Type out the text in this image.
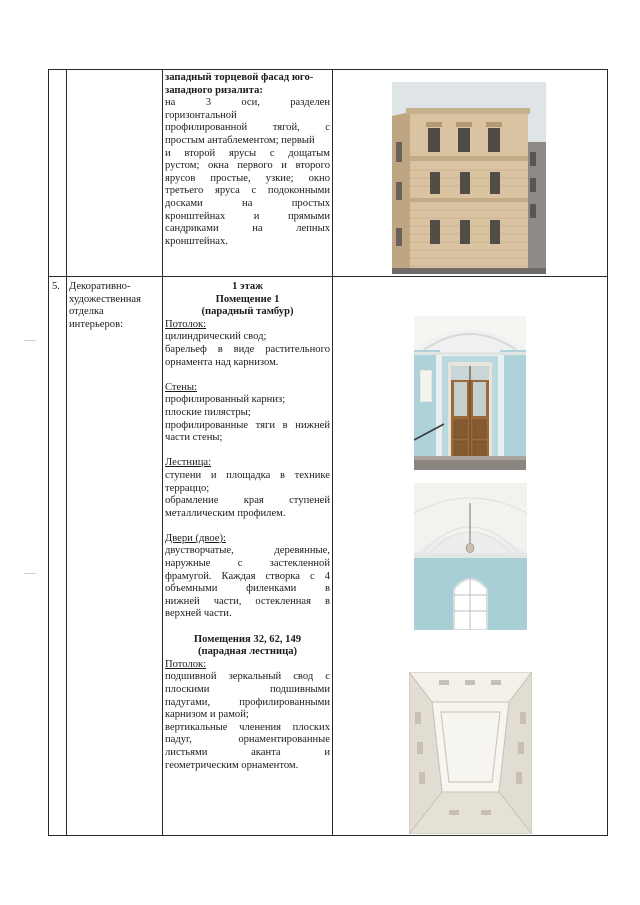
западный торцевой фасад юго-западного ризалита:
на 3 оси, разделен
горизонтальной
профилированной тягой, с
простым антаблементом; первый
и второй ярусы с дощатым
рустом; окна первого и второго
ярусов простые, узкие; окно
третьего яруса с подоконными
досками на простых
кронштейнах и прямыми
сандриками на лепных
кронштейнах.
5. Декоративно-
художественная
отделка
интерьеров:
1 этаж
Помещение 1
(парадный тамбур)
Потолок:
цилиндрический свод;
барельеф в виде растительного
орнамента над карнизом.
Стены:
профилированный карниз;
плоские пилястры;
профилированные тяги в нижней
части стены;
Лестница:
ступени и площадка в технике
терраццо;
обрамление края ступеней
металлическим профилем.
Двери (двое):
двустворчатые, деревянные,
наружные с застекленной
фрамугой. Каждая створка с 4
объемными филенками в
нижней части, остекленная в
верхней части.
Помещения 32, 62, 149
(парадная лестница)
Потолок:
подшивной зеркальный свод с
плоскими подшивными
падугами, профилированными
карнизом и рамой;
вертикальные членения плоских
падуг, орнаментированные
листьями аканта и
геометрическим орнаментом.
